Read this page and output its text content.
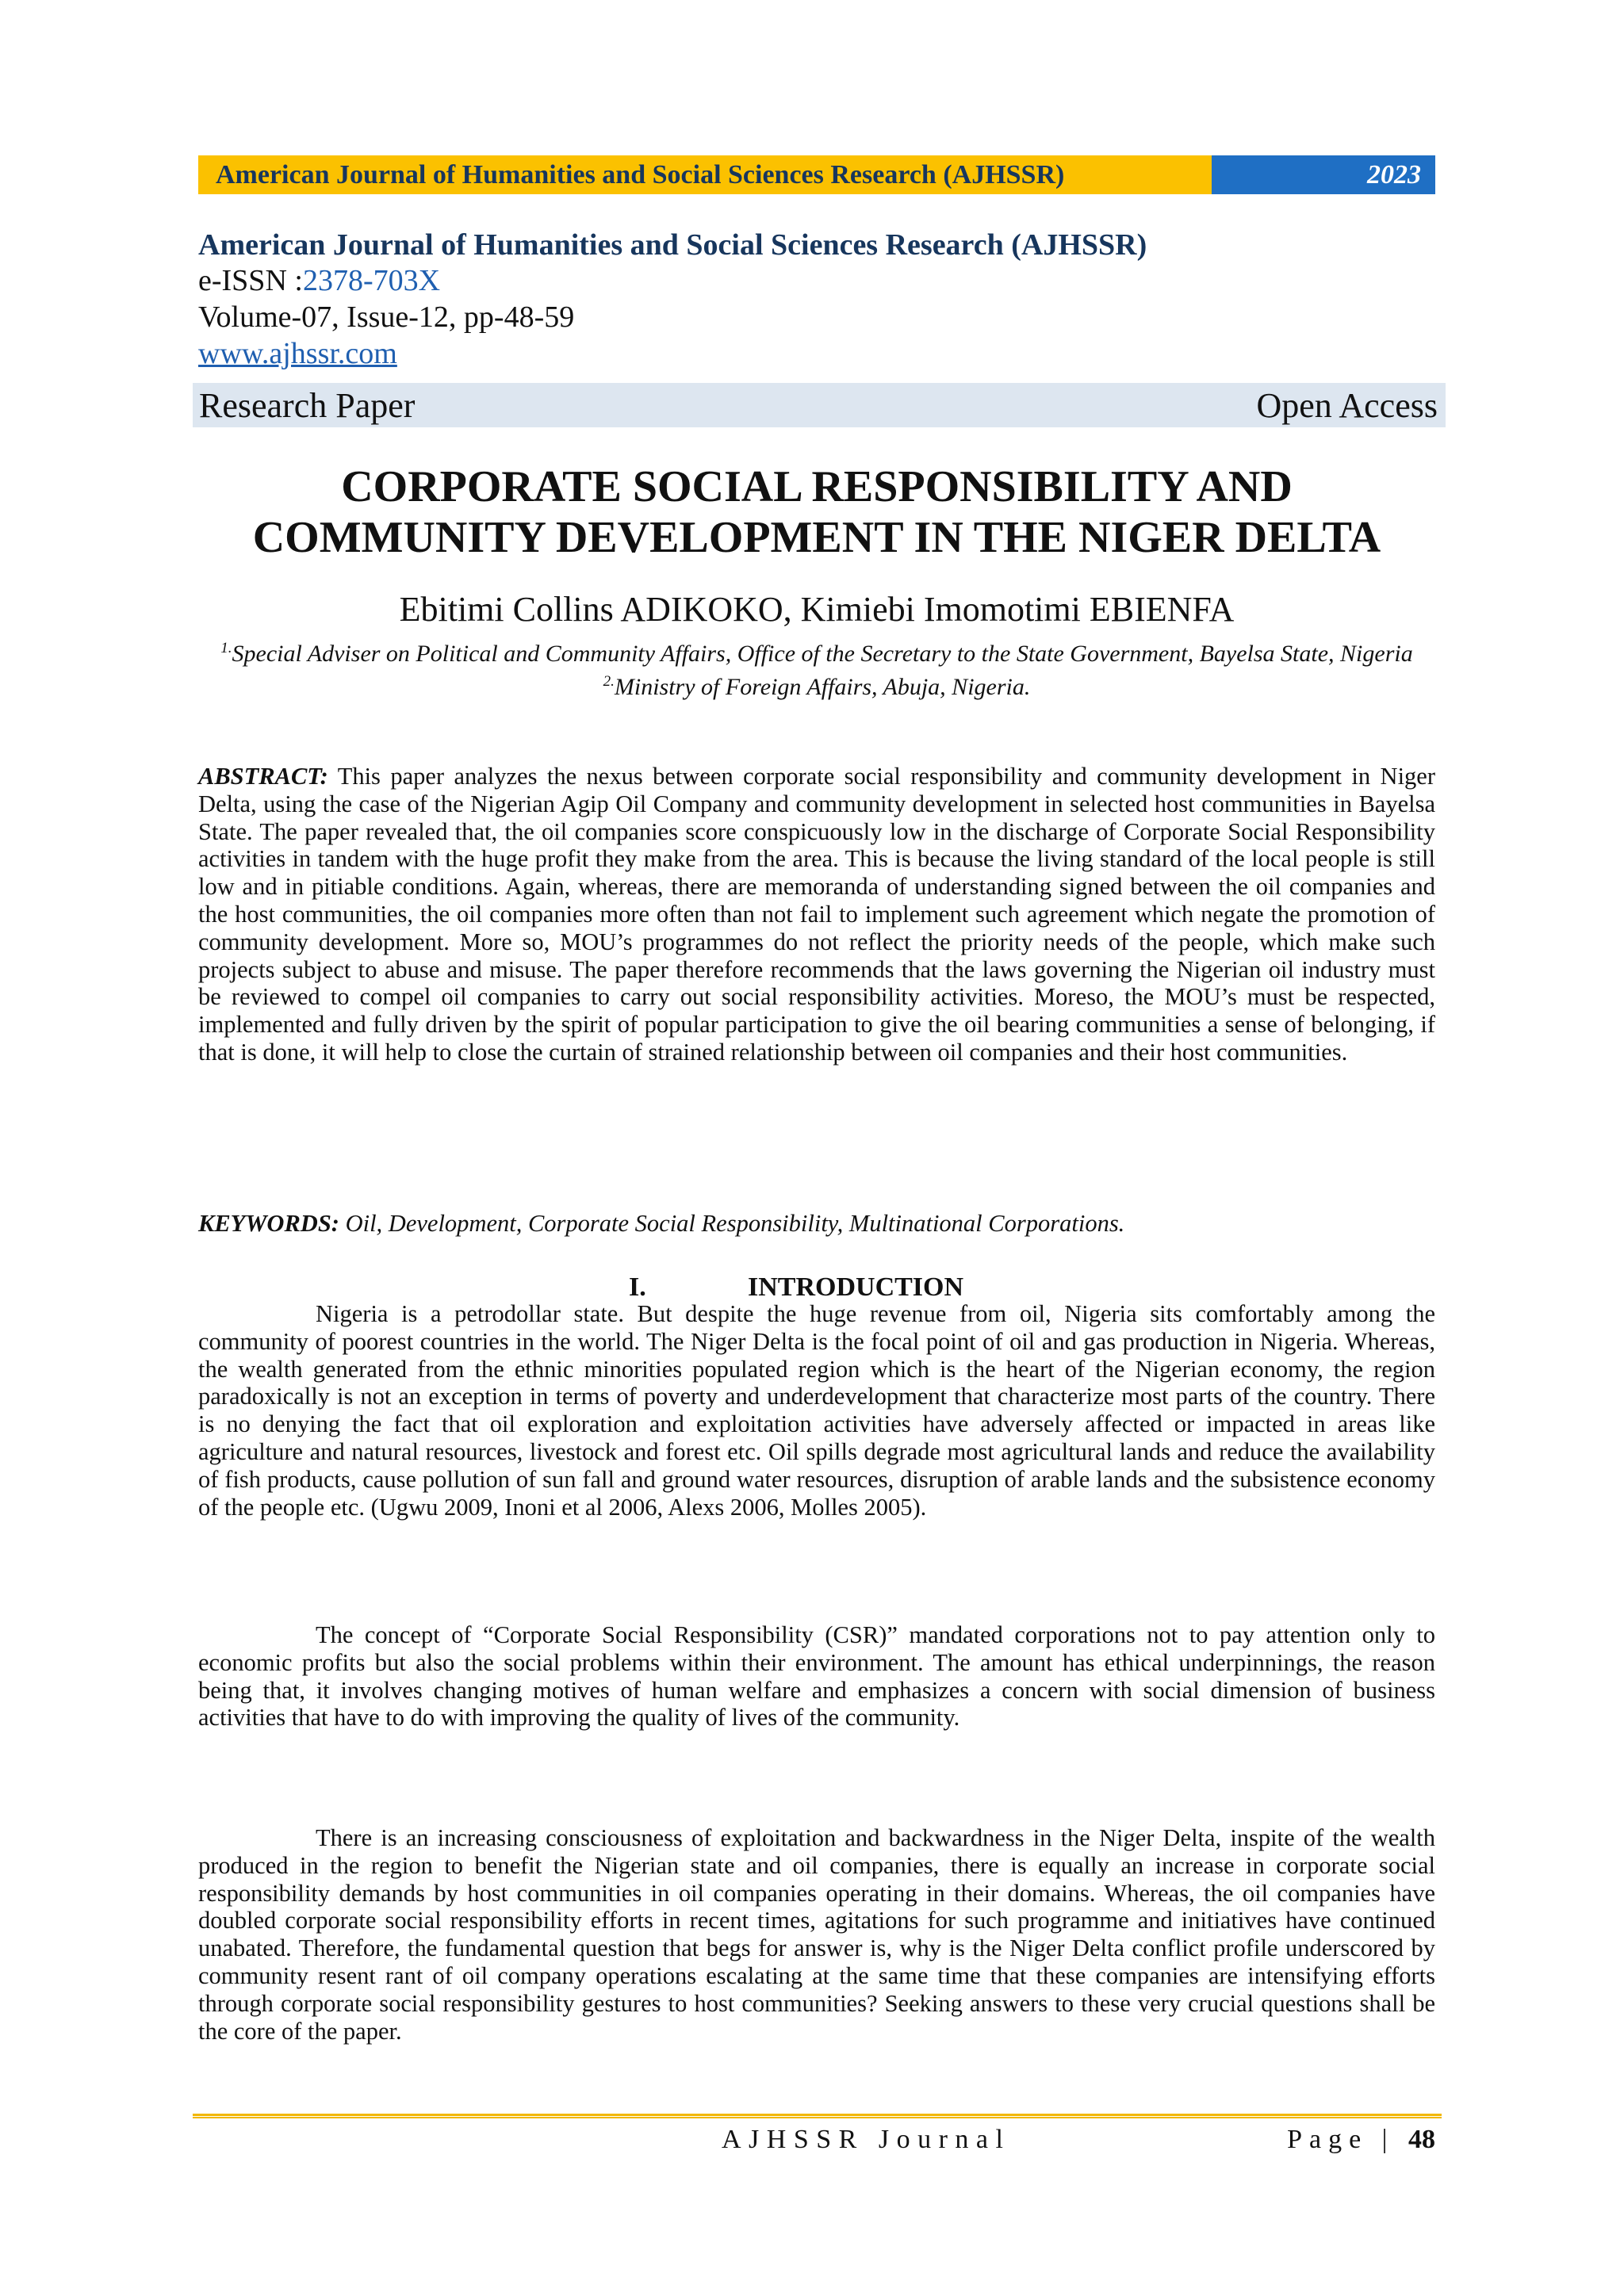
American Journal of Humanities and Social Sciences Research (AJHSSR)	2023
American Journal of Humanities and Social Sciences Research (AJHSSR)
e-ISSN :2378-703X
Volume-07, Issue-12, pp-48-59
www.ajhssr.com
Research Paper	Open Access
CORPORATE SOCIAL RESPONSIBILITY AND
COMMUNITY DEVELOPMENT IN THE NIGER DELTA
Ebitimi Collins ADIKOKO, Kimiebi Imomotimi EBIENFA
$^{1.}$Special Adviser on Political and Community Affairs, Office of the Secretary to the State Government, Bayelsa State, Nigeria
$^{2.}$Ministry of Foreign Affairs, Abuja, Nigeria.

ABSTRACT: This paper analyzes the nexus between corporate social responsibility and community development in Niger Delta, using the case of the Nigerian Agip Oil Company and community development in selected host communities in Bayelsa State. The paper revealed that, the oil companies score conspicuously low in the discharge of Corporate Social Responsibility activities in tandem with the huge profit they make from the area. This is because the living standard of the local people is still low and in pitiable conditions. Again, whereas, there are memoranda of understanding signed between the oil companies and the host communities, the oil companies more often than not fail to implement such agreement which negate the promotion of community development. More so, MOU’s programmes do not reflect the priority needs of the people, which make such projects subject to abuse and misuse. The paper therefore recommends that the laws governing the Nigerian oil industry must be reviewed to compel oil companies to carry out social responsibility activities. Moreso, the MOU’s must be respected, implemented and fully driven by the spirit of popular participation to give the oil bearing communities a sense of belonging, if that is done, it will help to close the curtain of strained relationship between oil companies and their host communities.

KEYWORDS: Oil, Development, Corporate Social Responsibility, Multinational Corporations.
I.	INTRODUCTION

Nigeria is a petrodollar state. But despite the huge revenue from oil, Nigeria sits comfortably among the community of poorest countries in the world. The Niger Delta is the focal point of oil and gas production in Nigeria. Whereas, the wealth generated from the ethnic minorities populated region which is the heart of the Nigerian economy, the region paradoxically is not an exception in terms of poverty and underdevelopment that characterize most parts of the country. There is no denying the fact that oil exploration and exploitation activities have adversely affected or impacted in areas like agriculture and natural resources, livestock and forest etc. Oil spills degrade most agricultural lands and reduce the availability of fish products, cause pollution of sun fall and ground water resources, disruption of arable lands and the subsistence economy of the people etc. (Ugwu 2009, Inoni et al 2006, Alexs 2006, Molles 2005).

The concept of “Corporate Social Responsibility (CSR)” mandated corporations not to pay attention only to economic profits but also the social problems within their environment. The amount has ethical underpinnings, the reason being that, it involves changing motives of human welfare and emphasizes a concern with social dimension of business activities that have to do with improving the quality of lives of the community.

There is an increasing consciousness of exploitation and backwardness in the Niger Delta, inspite of the wealth produced in the region to benefit the Nigerian state and oil companies, there is equally an increase in corporate social responsibility demands by host communities in oil companies operating in their domains. Whereas, the oil companies have doubled corporate social responsibility efforts in recent times, agitations for such programme and initiatives have continued unabated. Therefore, the fundamental question that begs for answer is, why is the Niger Delta conflict profile underscored by community resent rant of oil company operations escalating at the same time that these companies are intensifying efforts through corporate social responsibility gestures to host communities? Seeking answers to these very crucial questions shall be the core of the paper.

AJHSSR Journal	Page | 48
